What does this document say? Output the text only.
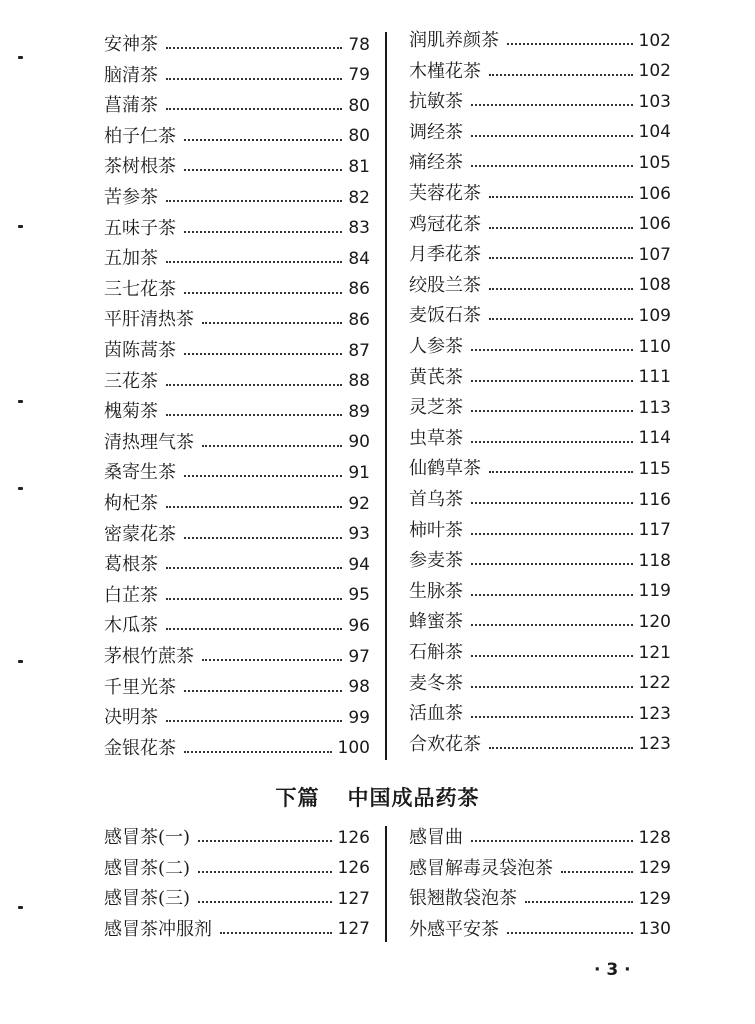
安神茶	78
脑清茶	79
菖蒲茶	80
柏子仁茶	80
茶树根茶	81
苦参茶	82
五味子茶	83
五加茶	84
三七花茶	86
平肝清热茶	86
茵陈蒿茶	87
三花茶	88
槐菊茶	89
清热理气茶	90
桑寄生茶	91
枸杞茶	92
密蒙花茶	93
葛根茶	94
白芷茶	95
木瓜茶	96
茅根竹蔗茶	97
千里光茶	98
决明茶	99
金银花茶	100
润肌养颜茶	102
木槿花茶	102
抗敏茶	103
调经茶	104
痛经茶	105
芙蓉花茶	106
鸡冠花茶	106
月季花茶	107
绞股兰茶	108
麦饭石茶	109
人参茶	110
黄芪茶	111
灵芝茶	113
虫草茶	114
仙鹤草茶	115
首乌茶	116
柿叶茶	117
参麦茶	118
生脉茶	119
蜂蜜茶	120
石斛茶	121
麦冬茶	122
活血茶	123
合欢花茶	123
下篇 中国成品药茶
感冒茶(一)	126
感冒茶(二)	126
感冒茶(三)	127
感冒茶冲服剂	127
感冒曲	128
感冒解毒灵袋泡茶	129
银翘散袋泡茶	129
外感平安茶	130
· 3 ·
